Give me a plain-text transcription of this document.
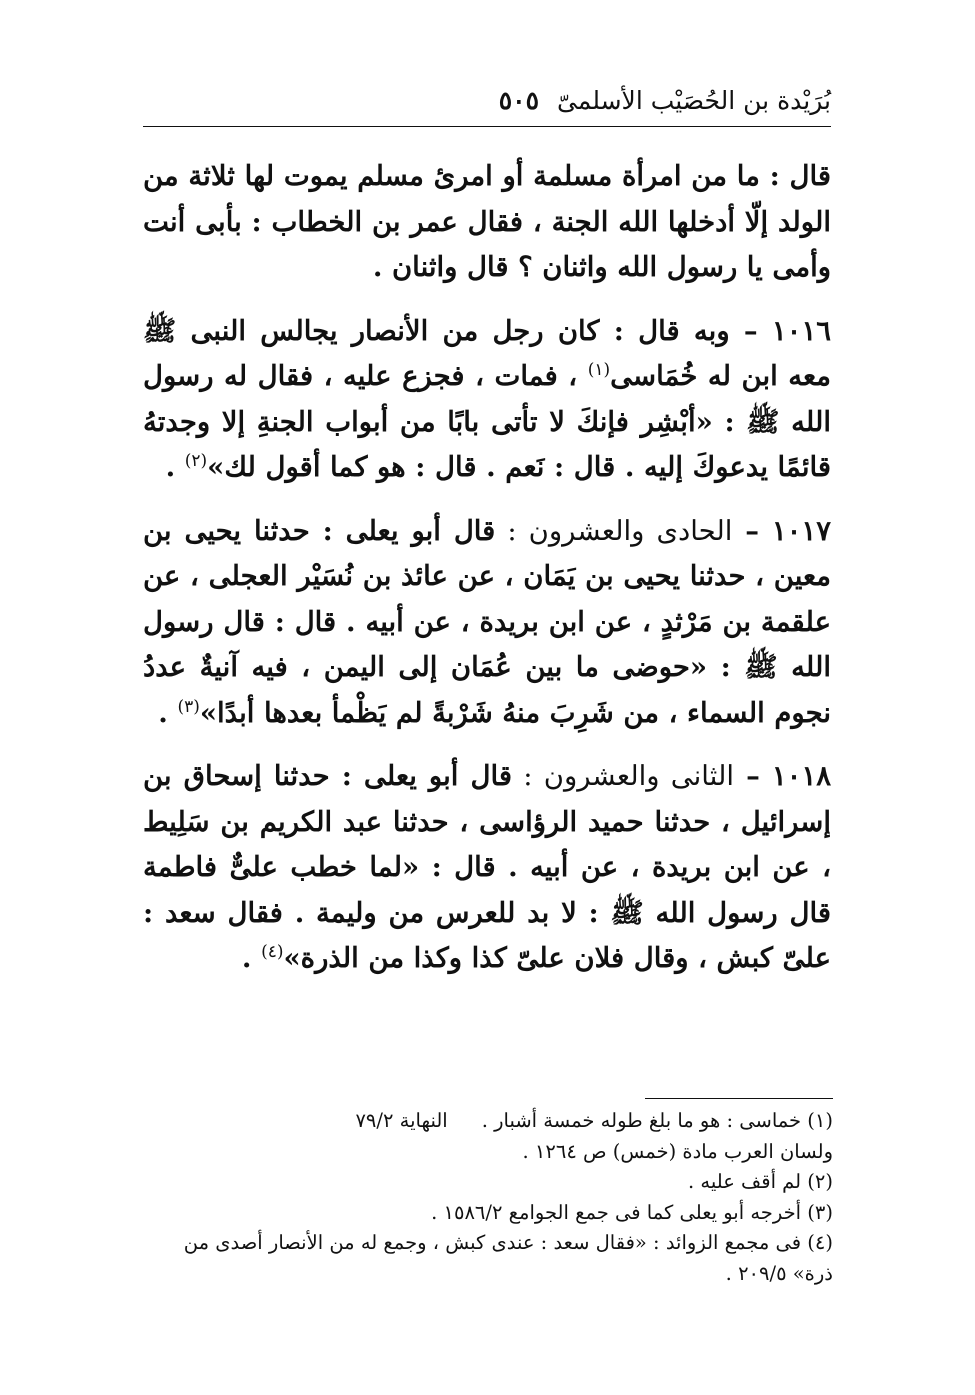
بُرَيْدة بن الحُصَيْب الأسلمىّ
٥٠٥

قال : ما من امرأة مسلمة أو امرئ مسلم يموت لها ثلاثة من الولد إلّا أدخلها الله الجنة ، فقال عمر بن الخطاب : بأبى أنت وأمى يا رسول الله واثنان ؟ قال واثنان .

١٠١٦ – وبه قال : كان رجل من الأنصار يجالس النبى ﷺ معه ابن له خُمَاسى$^{(١)}$ ، فمات ، فجزع عليه ، فقال له رسول الله ﷺ : «أبْشِر فإنكَ لا تأتى بابًا من أبواب الجنةِ إلا وجدتهُ قائمًا يدعوكَ إليه . قال : نَعم . قال : هو كما أقول لك»$^{(٢)}$ .

١٠١٧ – الحادى والعشرون : قال أبو يعلى : حدثنا يحيى بن معين ، حدثنا يحيى بن يَمَان ، عن عائذ بن نُسَيْر العجلى ، عن علقمة بن مَرْثدٍ ، عن ابن بريدة ، عن أبيه . قال : قال رسول الله ﷺ : «حوضى ما بين عُمَان إلى اليمن ، فيه آنيةٌ عددُ نجوم السماء ، من شَرِبَ منهُ شَرْبةً لم يَظْمأ بعدها أبدًا»$^{(٣)}$ .

١٠١٨ – الثانى والعشرون : قال أبو يعلى : حدثنا إسحاق بن إسرائيل ، حدثنا حميد الرؤاسى ، حدثنا عبد الكريم بن سَلِيط ، عن ابن بريدة ، عن أبيه . قال : «لما خطب علىٌّ فاطمة قال رسول الله ﷺ : لا بد للعرس من وليمة . فقال سعد : علىّ كبش ، وقال فلان علىّ كذا وكذا من الذرة»$^{(٤)}$ .

(١) خماسى : هو ما بلغ طوله خمسة أشبار .النهاية ٧٩/٢

ولسان العرب مادة (خمس) ص ١٢٦٤ .

(٢) لم أقف عليه .

(٣) أخرجه أبو يعلى كما فى جمع الجوامع ١٥٨٦/٢ .

(٤) فى مجمع الزوائد : «فقال سعد : عندى كبش ، وجمع له من الأنصار أصدى من ذرة» ٢٠٩/٥ .
